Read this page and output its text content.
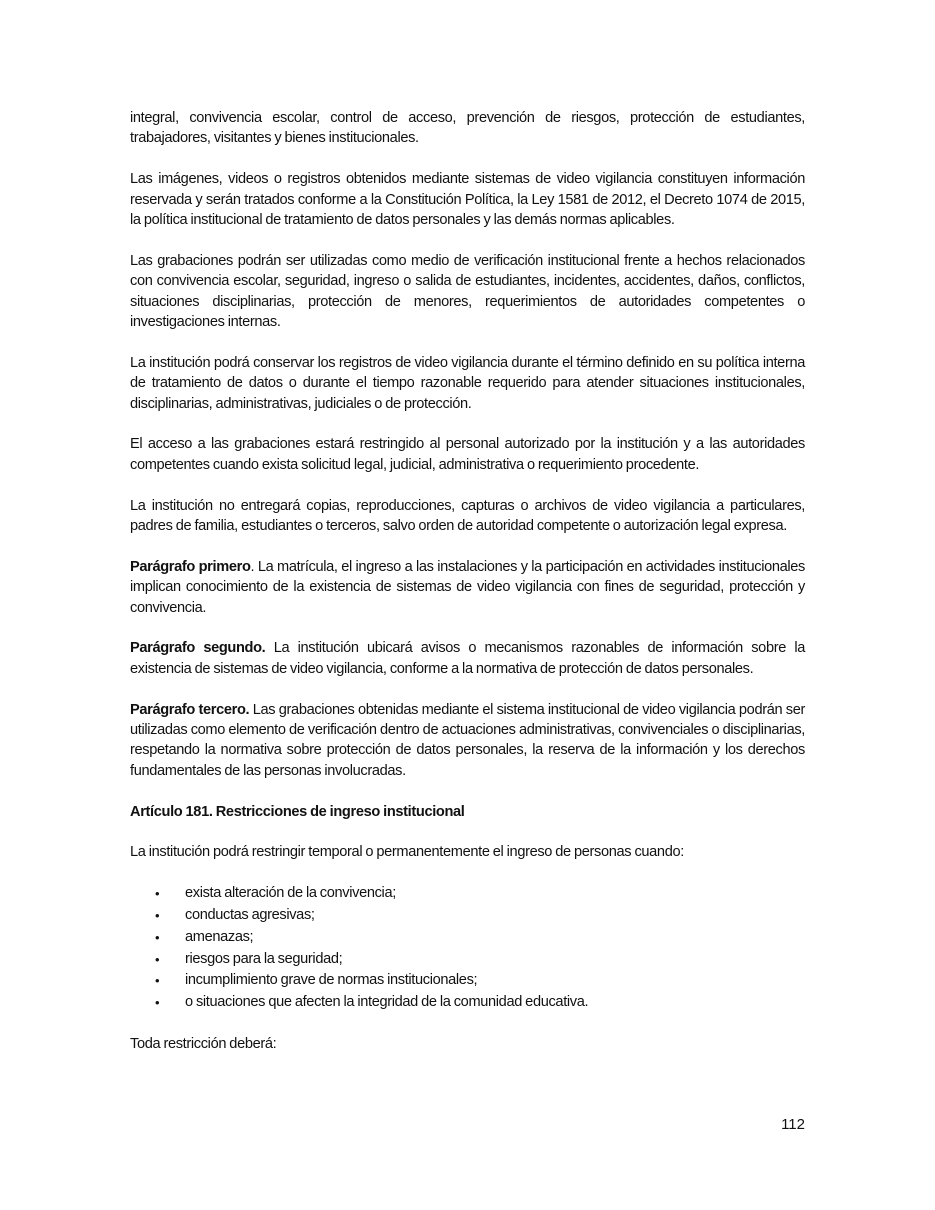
integral, convivencia escolar, control de acceso, prevención de riesgos, protección de estudiantes, trabajadores, visitantes y bienes institucionales.

Las imágenes, videos o registros obtenidos mediante sistemas de video vigilancia constituyen información reservada y serán tratados conforme a la Constitución Política, la Ley 1581 de 2012, el Decreto 1074 de 2015, la política institucional de tratamiento de datos personales y las demás normas aplicables.

Las grabaciones podrán ser utilizadas como medio de verificación institucional frente a hechos relacionados con convivencia escolar, seguridad, ingreso o salida de estudiantes, incidentes, accidentes, daños, conflictos, situaciones disciplinarias, protección de menores, requerimientos de autoridades competentes o investigaciones internas.

La institución podrá conservar los registros de video vigilancia durante el término definido en su política interna de tratamiento de datos o durante el tiempo razonable requerido para atender situaciones institucionales, disciplinarias, administrativas, judiciales o de protección.

El acceso a las grabaciones estará restringido al personal autorizado por la institución y a las autoridades competentes cuando exista solicitud legal, judicial, administrativa o requerimiento procedente.

La institución no entregará copias, reproducciones, capturas o archivos de video vigilancia a particulares, padres de familia, estudiantes o terceros, salvo orden de autoridad competente o autorización legal expresa.

Parágrafo primero. La matrícula, el ingreso a las instalaciones y la participación en actividades institucionales implican conocimiento de la existencia de sistemas de video vigilancia con fines de seguridad, protección y convivencia.

Parágrafo segundo. La institución ubicará avisos o mecanismos razonables de información sobre la existencia de sistemas de video vigilancia, conforme a la normativa de protección de datos personales.

Parágrafo tercero. Las grabaciones obtenidas mediante el sistema institucional de video vigilancia podrán ser utilizadas como elemento de verificación dentro de actuaciones administrativas, convivenciales o disciplinarias, respetando la normativa sobre protección de datos personales, la reserva de la información y los derechos fundamentales de las personas involucradas.

Artículo 181. Restricciones de ingreso institucional

La institución podrá restringir temporal o permanentemente el ingreso de personas cuando:

• exista alteración de la convivencia;
• conductas agresivas;
• amenazas;
• riesgos para la seguridad;
• incumplimiento grave de normas institucionales;
• o situaciones que afecten la integridad de la comunidad educativa.

Toda restricción deberá:

112
